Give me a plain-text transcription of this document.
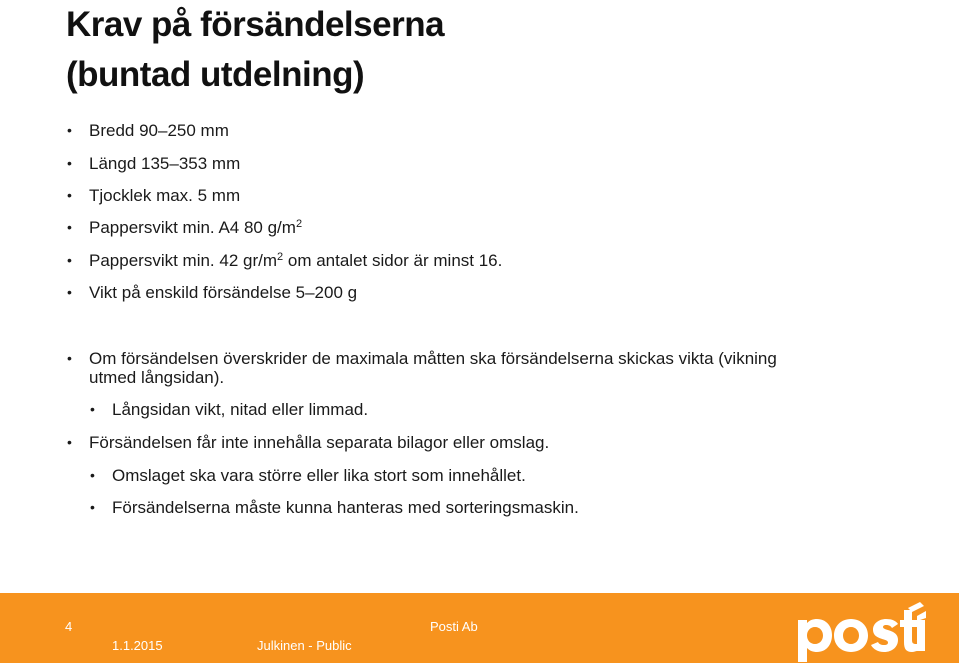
Krav på försändelserna
(buntad utdelning)
• Bredd 90–250 mm
• Längd 135–353 mm
• Tjocklek max. 5 mm
• Pappersvikt min. A4 80 $g/m^2$
• Pappersvikt min. 42 $gr/m^2$ om antalet sidor är minst 16.
• Vikt på enskild försändelse 5–200 g
• Om försändelsen överskrider de maximala måtten ska försändelserna skickas vikta (vikning
utmed långsidan).
• Långsidan vikt, nitad eller limmad.
• Försändelsen får inte innehålla separata bilagor eller omslag.
• Omslaget ska vara större eller lika stort som innehållet.
• Försändelserna måste kunna hanteras med sorteringsmaskin.
4
1.1.2015
Posti Ab
Julkinen - Public
